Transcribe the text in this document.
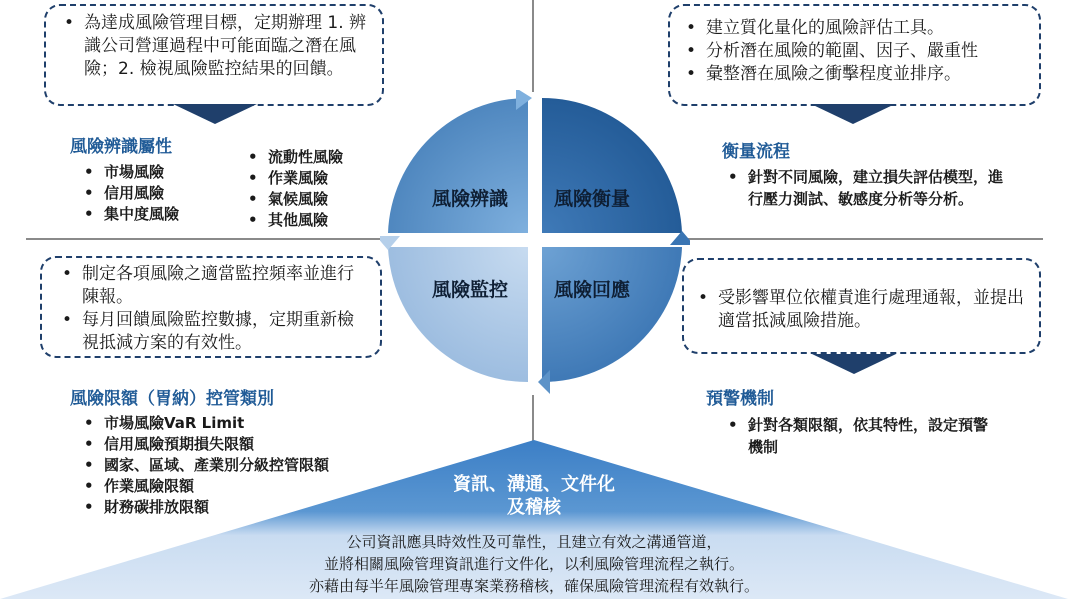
• 為達成風險管理目標，定期辦理 1. 辨識公司營運過程中可能面臨之潛在風險；2. 檢視風險監控結果的回饋。
• 建立質化量化的風險評估工具。
• 分析潛在風險的範圍、因子、嚴重性
• 彙整潛在風險之衝擊程度並排序。
風險辨識屬性
• 市場風險
• 信用風險
• 集中度風險
• 流動性風險
• 作業風險
• 氣候風險
• 其他風險
衡量流程
• 針對不同風險，建立損失評估模型，進行壓力測試、敏感度分析等分析。
• 制定各項風險之適當監控頻率並進行陳報。
• 每月回饋風險監控數據，定期重新檢視抵減方案的有效性。
• 受影響單位依權責進行處理通報，並提出適當抵減風險措施。
風險限額（胃納）控管類別
• 市場風險VaR Limit
• 信用風險預期損失限額
• 國家、區域、產業別分級控管限額
• 作業風險限額
• 財務碳排放限額
預警機制
• 針對各類限額，依其特性，設定預警機制
風險辨識	風險衡量
風險監控	風險回應
資訊、溝通、文件化
及稽核
公司資訊應具時效性及可靠性，且建立有效之溝通管道，
並將相關風險管理資訊進行文件化，以利風險管理流程之執行。
亦藉由每半年風險管理專案業務稽核，確保風險管理流程有效執行。
